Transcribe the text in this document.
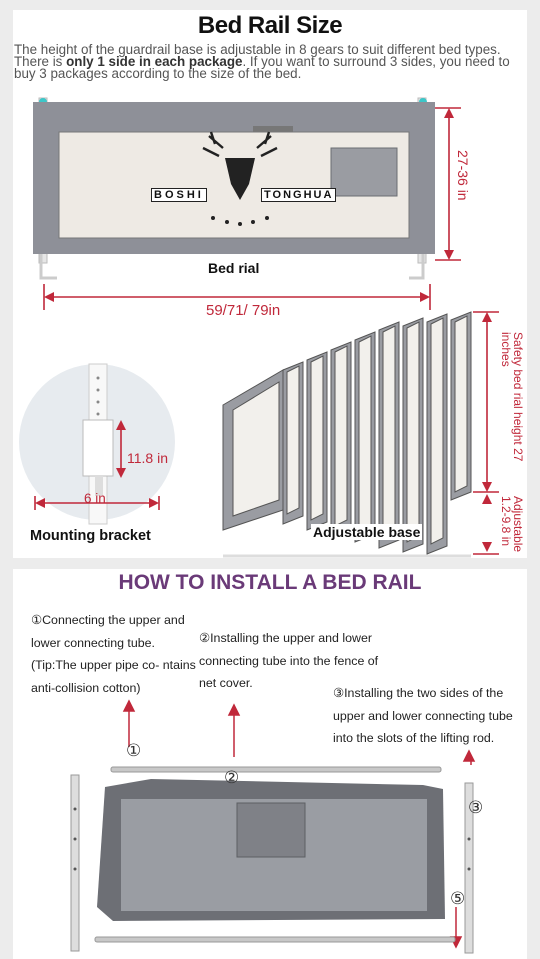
Bed Rail Size
The height of the guardrail base is adjustable in 8 gears to suit different bed types. There is only 1 side in each package. If you want to surround 3 sides, you need to buy 3 packages according to the size of the bed.
BOSHI	TONGHUA	27-36 in
Bed rial
59/71/ 79in
11.8 in
6 in
Mounting bracket
Safety bed rial height 27 inches
Adjustable 1.2-9.8 in
Adjustable base
HOW TO INSTALL A BED RAIL
①Connecting the upper and lower connecting tube. (Tip:The upper pipe co- ntains anti-collision cotton)
②Installing the upper and lower connecting tube into the fence of net cover.
③Installing the two sides of the upper and lower connecting tube into the slots of the lifting rod.
①
②
③
⑤
